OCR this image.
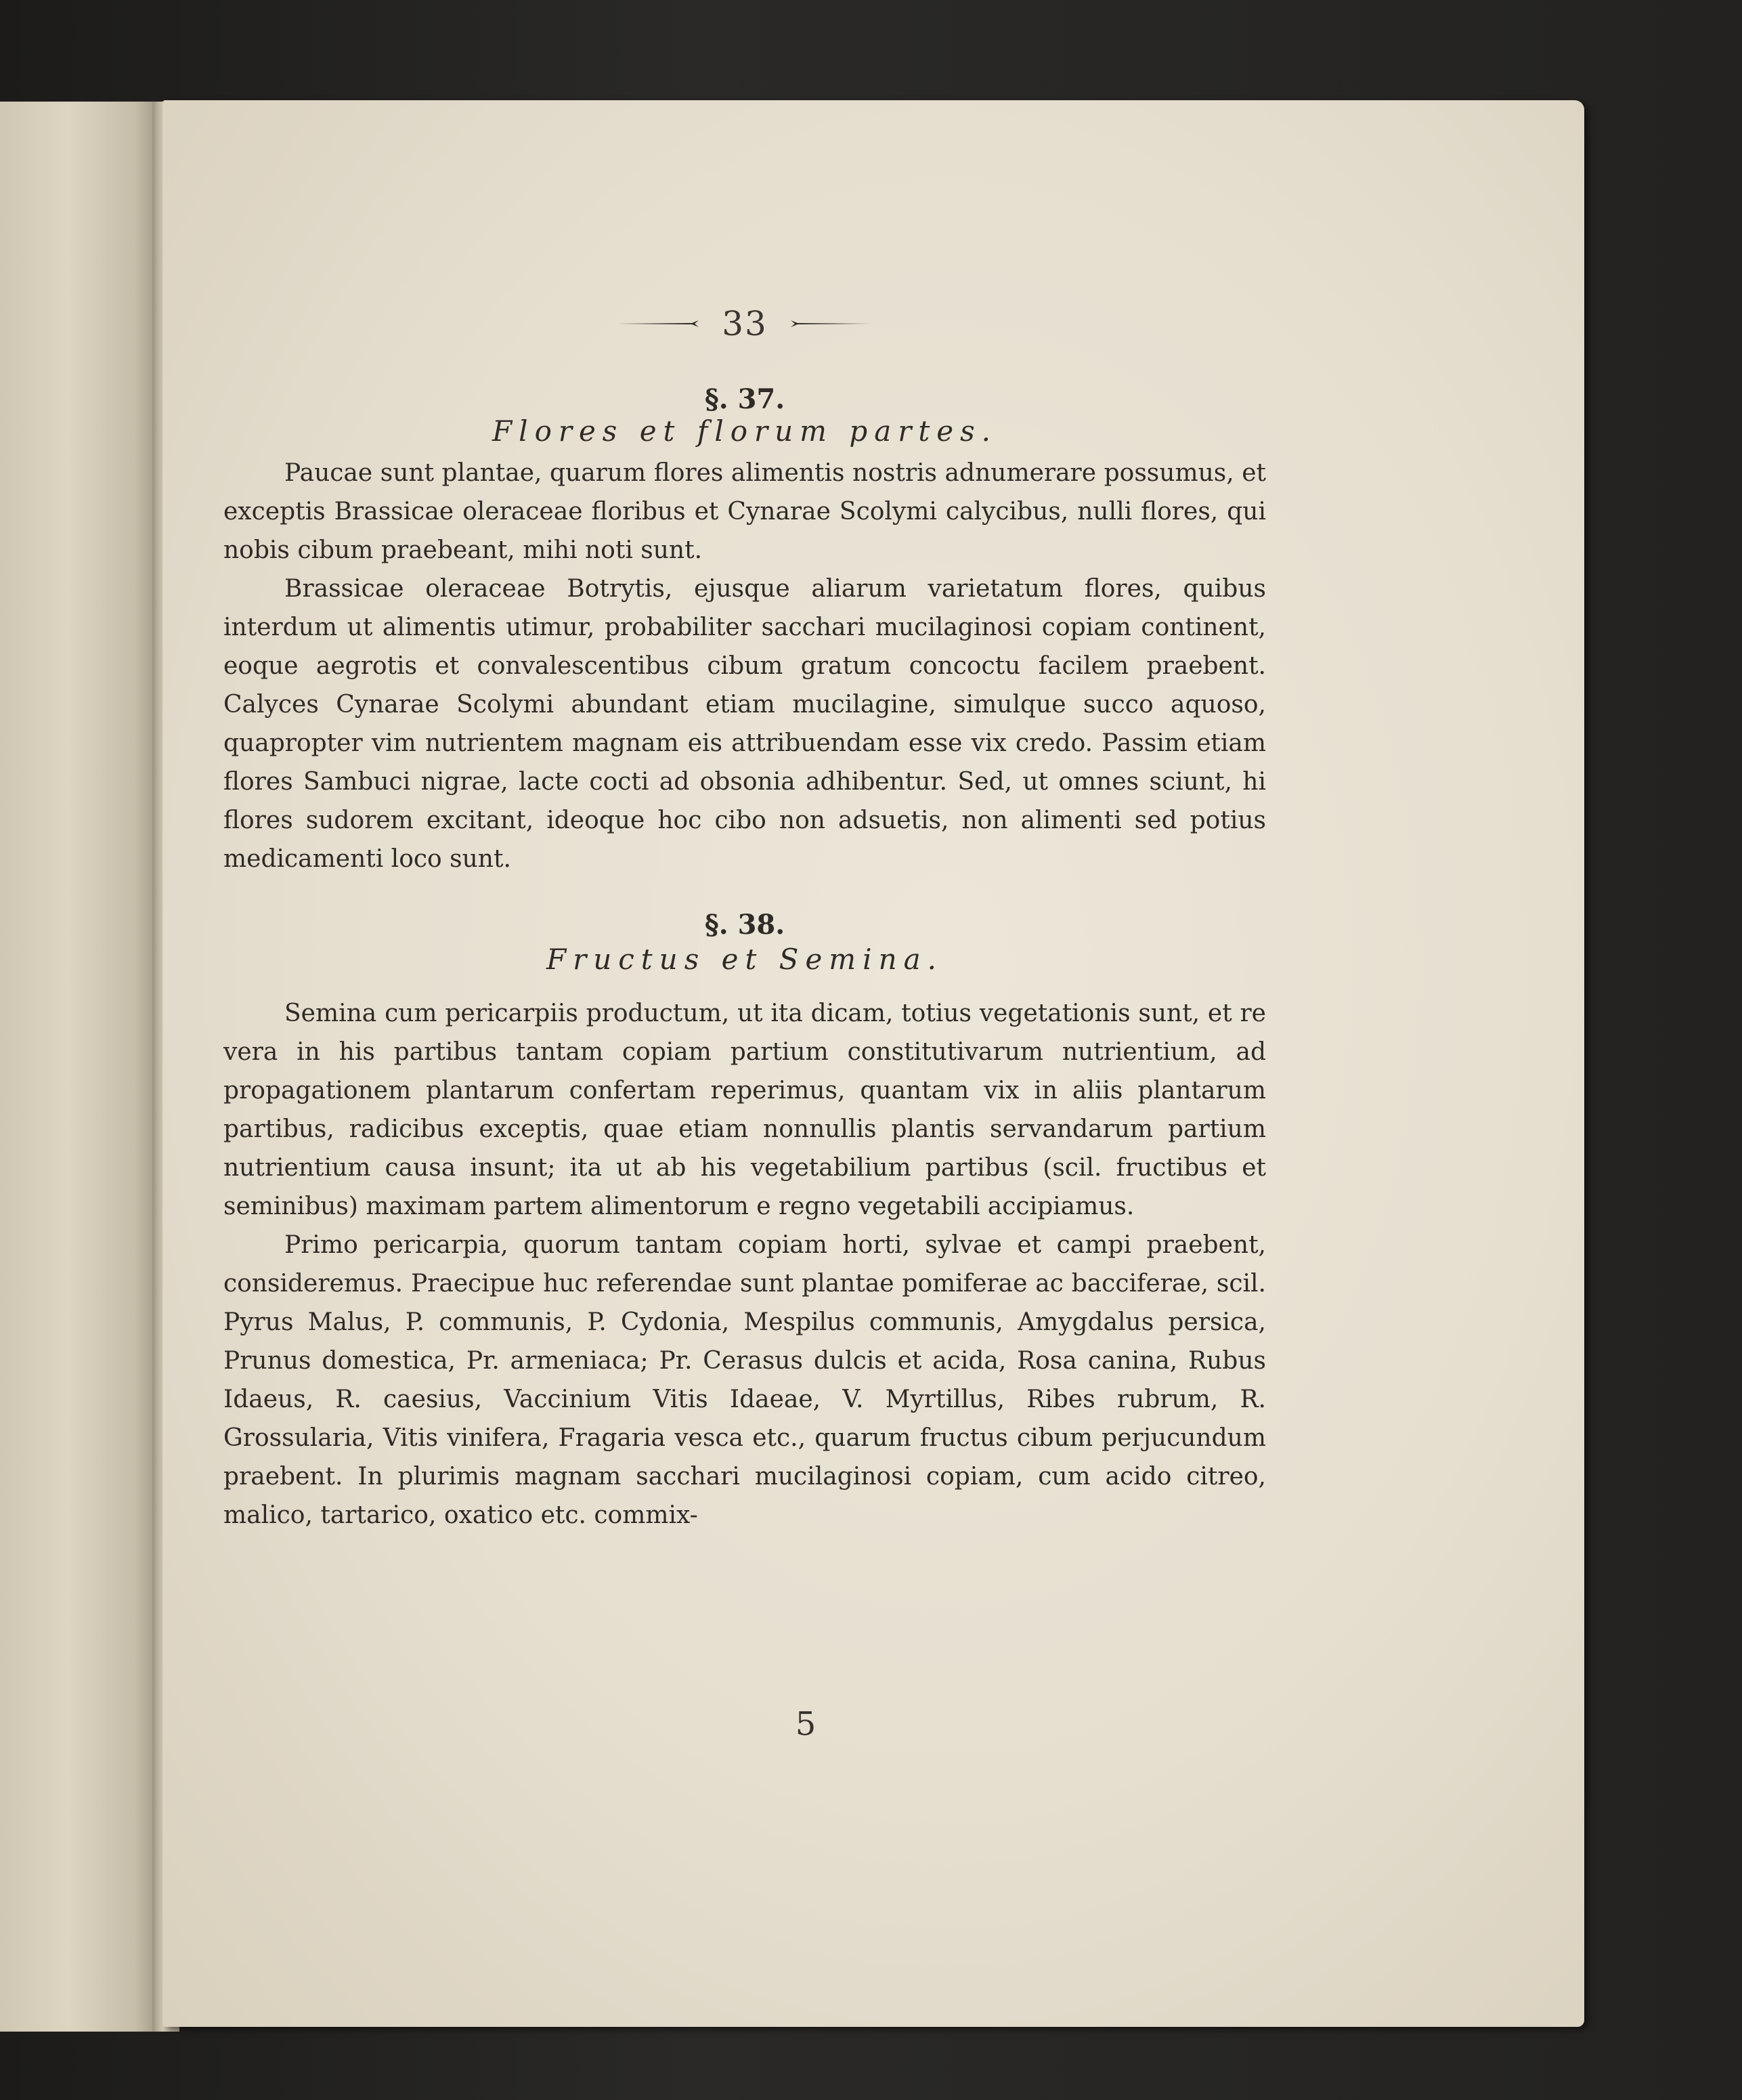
33
§. 37.
Flores et florum partes.

Paucae sunt plantae, quarum flores alimentis nostris adnumerare possumus, et exceptis Brassicae oleraceae floribus et Cynarae Scolymi calycibus, nulli flores, qui nobis cibum praebeant, mihi noti sunt.

Brassicae oleraceae Botrytis, ejusque aliarum varietatum flores, quibus interdum ut alimentis utimur, probabiliter sacchari mucilaginosi copiam continent, eoque aegrotis et convalescentibus cibum gratum concoctu facilem praebent. Calyces Cynarae Scolymi abundant etiam mucilagine, simulque succo aquoso, quapropter vim nutrientem magnam eis attribuendam esse vix credo. Passim etiam flores Sambuci nigrae, lacte cocti ad obsonia adhibentur. Sed, ut omnes sciunt, hi flores sudorem excitant, ideoque hoc cibo non adsuetis, non alimenti sed potius medicamenti loco sunt.

§. 38.
Fructus et Semina.

Semina cum pericarpiis productum, ut ita dicam, totius vegetationis sunt, et re vera in his partibus tantam copiam partium constitutivarum nutrientium, ad propagationem plantarum confertam reperimus, quantam vix in aliis plantarum partibus, radicibus exceptis, quae etiam nonnullis plantis servandarum partium nutrientium causa insunt; ita ut ab his vegetabilium partibus (scil. fructibus et seminibus) maximam partem alimentorum e regno vegetabili accipiamus.

Primo pericarpia, quorum tantam copiam horti, sylvae et campi praebent, consideremus. Praecipue huc referendae sunt plantae pomiferae ac bacciferae, scil. Pyrus Malus, P. communis, P. Cydonia, Mespilus communis, Amygdalus persica, Prunus domestica, Pr. armeniaca; Pr. Cerasus dulcis et acida, Rosa canina, Rubus Idaeus, R. caesius, Vaccinium Vitis Idaeae, V. Myrtillus, Ribes rubrum, R. Grossularia, Vitis vinifera, Fragaria vesca etc., quarum fructus cibum perjucundum praebent. In plurimis magnam sacchari mucilaginosi copiam, cum acido citreo, malico, tartarico, oxatico etc. commix-

5
